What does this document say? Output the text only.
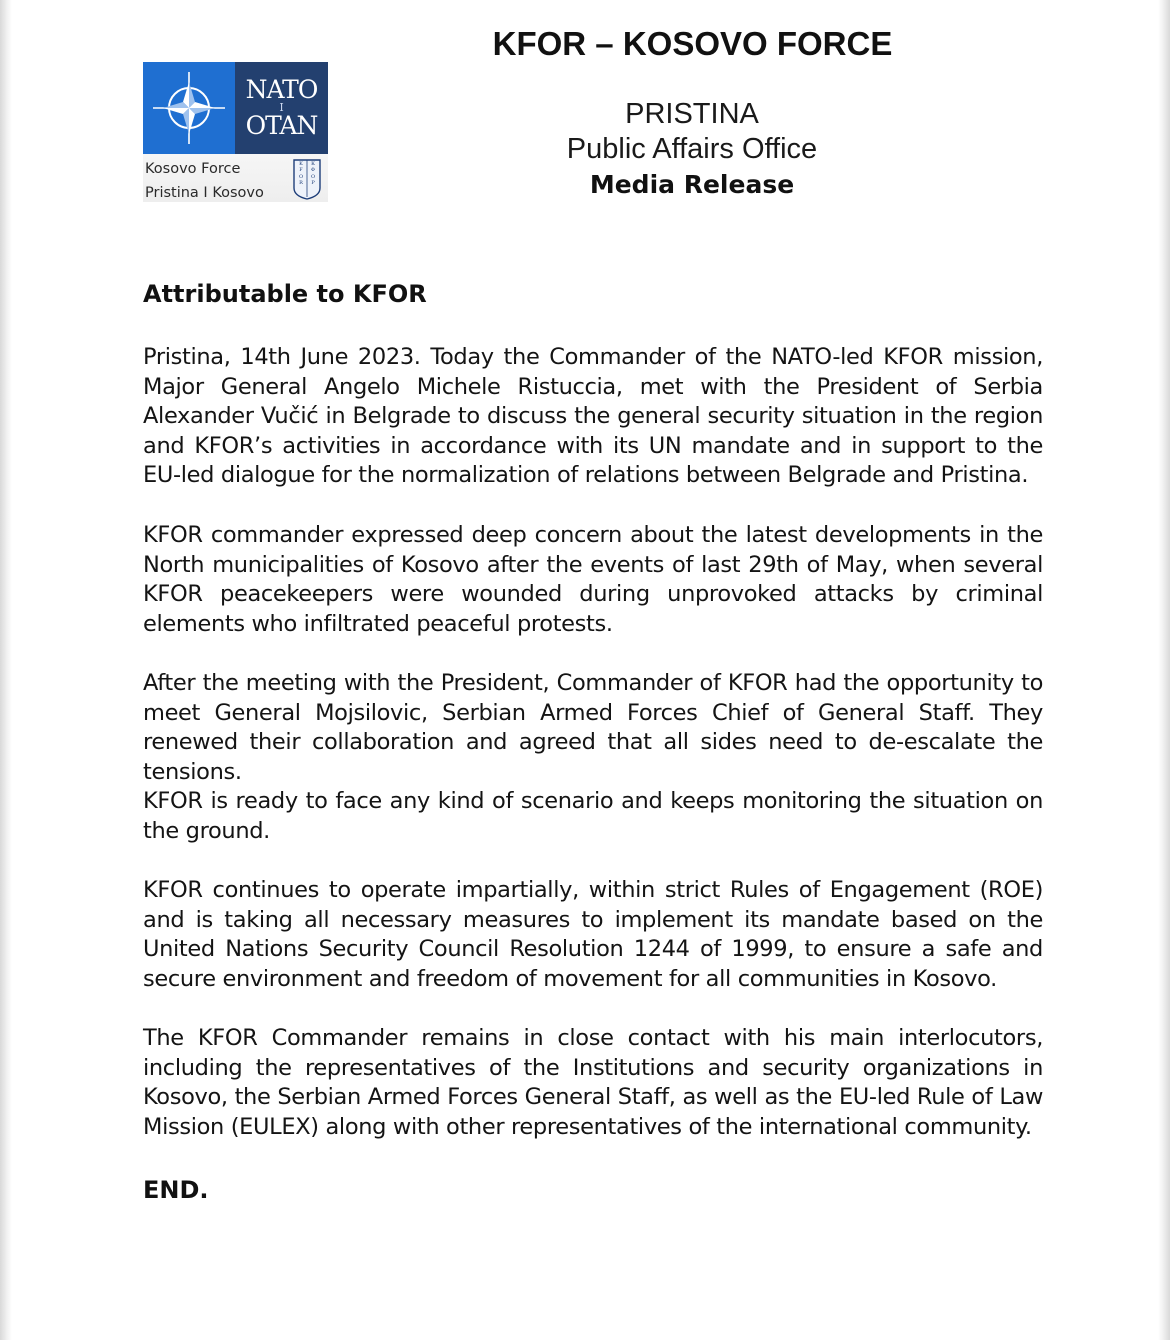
NATO
I
OTAN
Kosovo Force
Pristina I Kosovo
K
F
O
R
К
Ф
О
Р
KFOR – KOSOVO FORCE
PRISTINA
Public Affairs Office
Media Release
Attributable to KFOR
Pristina, 14th June 2023. Today the Commander of the NATO-led KFOR mission, Major General Angelo Michele Ristuccia, met with the President of Serbia Alexander Vučić in Belgrade to discuss the general security situation in the region and KFOR’s activities in accordance with its UN mandate and in support to the EU-led dialogue for the normalization of relations between Belgrade and Pristina.
KFOR commander expressed deep concern about the latest developments in the North municipalities of Kosovo after the events of last 29th of May, when several KFOR peacekeepers were wounded during unprovoked attacks by criminal elements who infiltrated peaceful protests.
After the meeting with the President, Commander of KFOR had the opportunity to meet General Mojsilovic, Serbian Armed Forces Chief of General Staff. They renewed their collaboration and agreed that all sides need to de-escalate the tensions.
KFOR is ready to face any kind of scenario and keeps monitoring the situation on the ground.
KFOR continues to operate impartially, within strict Rules of Engagement (ROE) and is taking all necessary measures to implement its mandate based on the United Nations Security Council Resolution 1244 of 1999, to ensure a safe and secure environment and freedom of movement for all communities in Kosovo.
The KFOR Commander remains in close contact with his main interlocutors, including the representatives of the Institutions and security organizations in Kosovo, the Serbian Armed Forces General Staff, as well as the EU-led Rule of Law Mission (EULEX) along with other representatives of the international community.
END.
